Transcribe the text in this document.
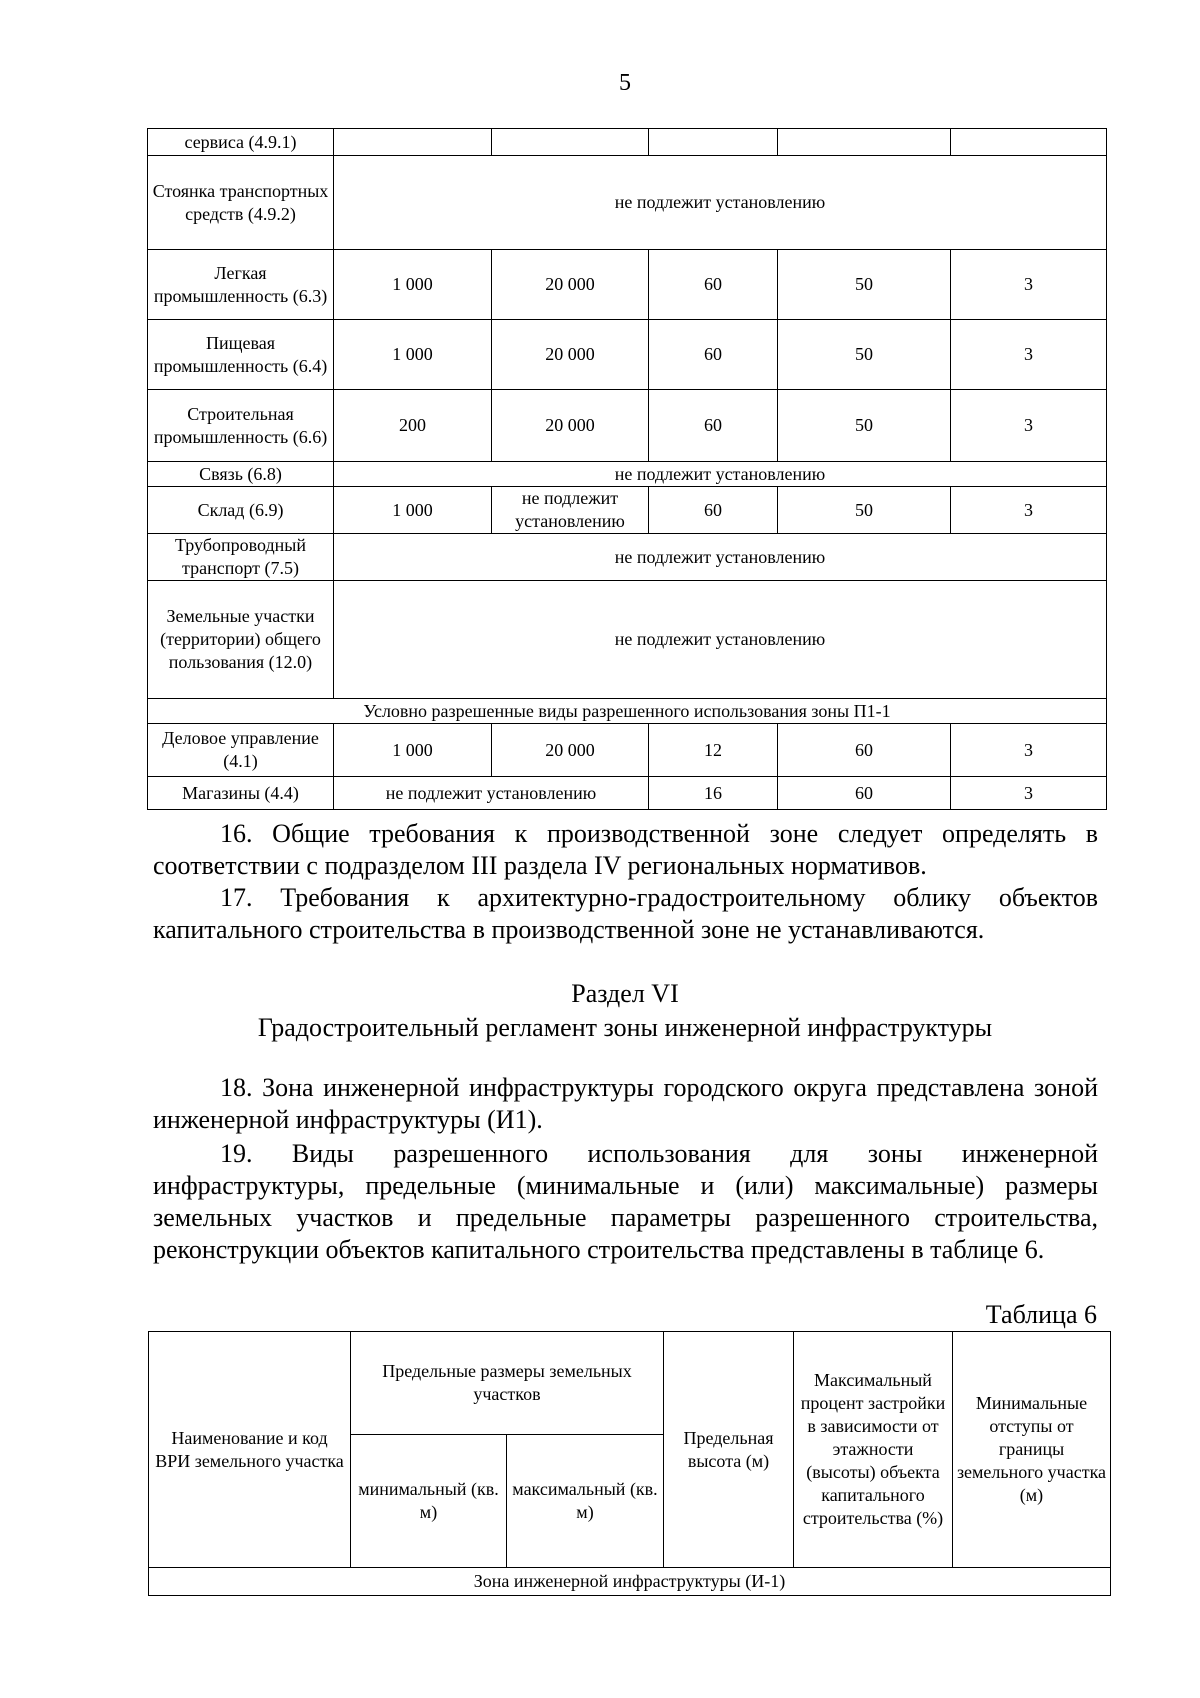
5
сервиса (4.9.1)					
Стоянка транспортных средств (4.9.2)	не подлежит установлению				
Легкая промышленность (6.3)	1 000	20 000	60	50	3
Пищевая промышленность (6.4)	1 000	20 000	60	50	3
Строительная промышленность (6.6)	200	20 000	60	50	3
Связь (6.8)	не подлежит установлению				
Склад (6.9)	1 000	не подлежит установлению	60	50	3
Трубопроводный транспорт (7.5)	не подлежит установлению				
Земельные участки (территории) общего пользования (12.0)	не подлежит установлению				
Условно разрешенные виды разрешенного использования зоны П1-1					
Деловое управление (4.1)	1 000	20 000	12	60	3
Магазины (4.4)	не подлежит установлению		16	60	3
16. Общие требования к производственной зоне следует определять в соответствии с подразделом III раздела IV региональных нормативов.
17. Требования к архитектурно-градостроительному облику объектов капитального строительства в производственной зоне не устанавливаются.
Раздел VI
Градостроительный регламент зоны инженерной инфраструктуры
18. Зона инженерной инфраструктуры городского округа представлена зоной инженерной инфраструктуры (И1).
19. Виды разрешенного использования для зоны инженерной инфраструктуры, предельные (минимальные и (или) максимальные) размеры земельных участков и предельные параметры разрешенного строительства, реконструкции объектов капитального строительства представлены в таблице 6.
Таблица 6
Наименование и код ВРИ земельного участка	Предельные размеры земельных участков		Предельная высота (м)	Максимальный процент застройки в зависимости от этажности (высоты) объекта капитального строительства (%)	Минимальные отступы от границы земельного участка (м)
	минимальный (кв. м)	максимальный (кв. м)			
Зона инженерной инфраструктуры (И-1)					
